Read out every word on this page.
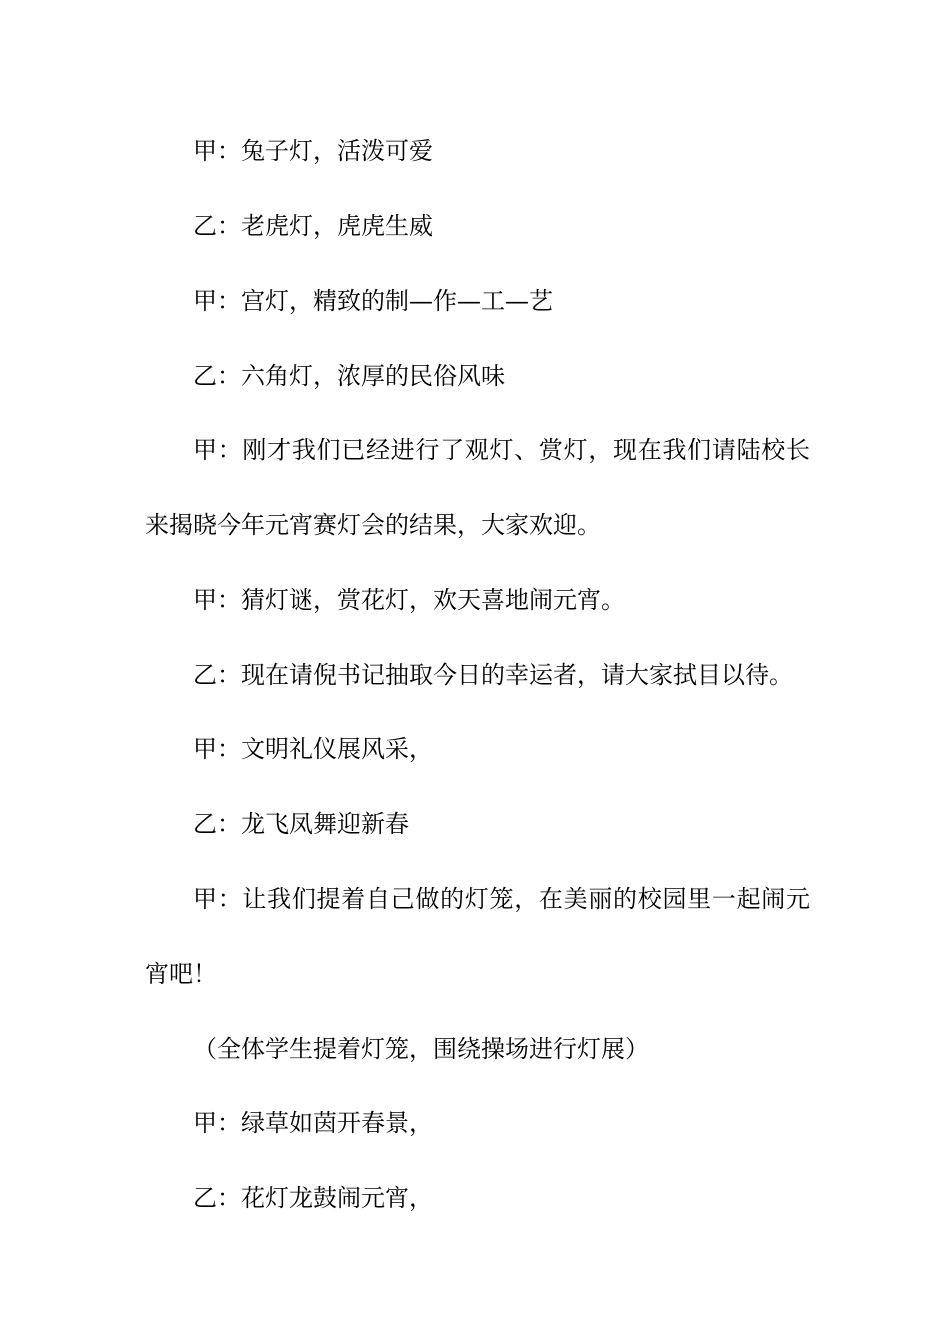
甲：兔子灯，活泼可爱

乙：老虎灯，虎虎生威

甲：宫灯，精致的制—作—工—艺

乙：六角灯，浓厚的民俗风味

甲：刚才我们已经进行了观灯、赏灯，现在我们请陆校长

来揭晓今年元宵赛灯会的结果，大家欢迎。

甲：猜灯谜，赏花灯，欢天喜地闹元宵。

乙：现在请倪书记抽取今日的幸运者，请大家拭目以待。

甲：文明礼仪展风采，

乙：龙飞凤舞迎新春

甲：让我们提着自己做的灯笼，在美丽的校园里一起闹元

宵吧！

（全体学生提着灯笼，围绕操场进行灯展）

甲：绿草如茵开春景，

乙：花灯龙鼓闹元宵，
